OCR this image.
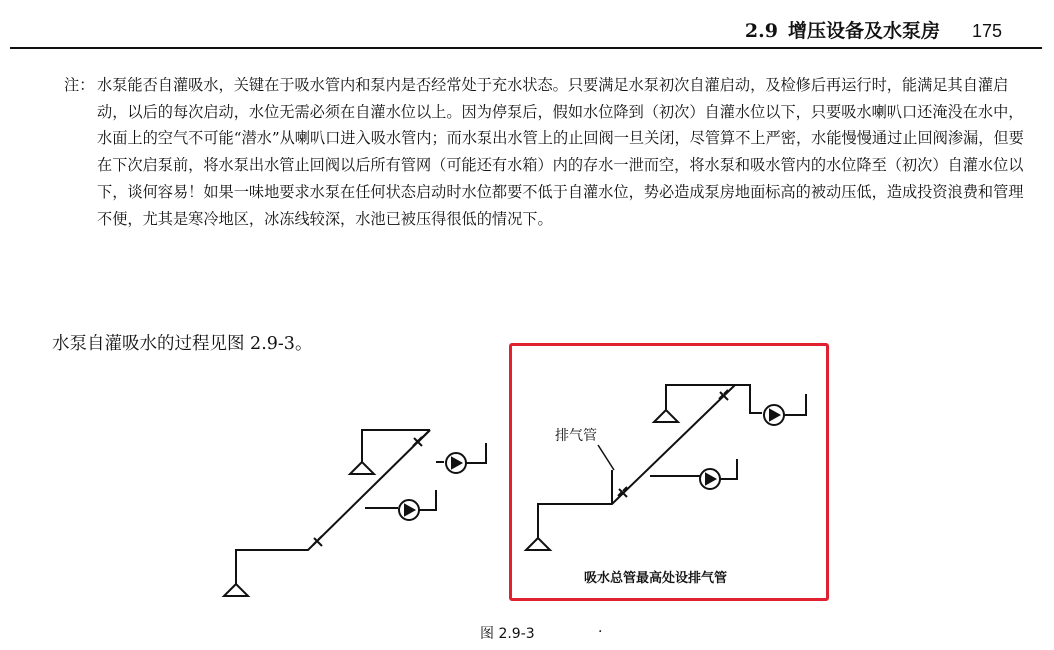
2.9 增压设备及水泵房 175
注： 水泵能否自灌吸水，关键在于吸水管内和泵内是否经常处于充水状态。只要满足水泵初次自灌启动，及检修后再运行时，能满足其自灌启动，以后的每次启动，水位无需必须在自灌水位以上。因为停泵后，假如水位降到（初次）自灌水位以下，只要吸水喇叭口还淹没在水中，水面上的空气不可能“潜水”从喇叭口进入吸水管内；而水泵出水管上的止回阀一旦关闭，尽管算不上严密，水能慢慢通过止回阀渗漏，但要在下次启泵前，将水泵出水管止回阀以后所有管网（可能还有水箱）内的存水一泄而空，将水泵和吸水管内的水位降至（初次）自灌水位以下，谈何容易！如果一味地要求水泵在任何状态启动时水位都要不低于自灌水位，势必造成泵房地面标高的被动压低，造成投资浪费和管理不便，尤其是寒冷地区，冰冻线较深，水池已被压得很低的情况下。

水泵自灌吸水的过程见图 2.9-3。
排气管
吸水总管最高处设排气管
图 2.9-3	.
